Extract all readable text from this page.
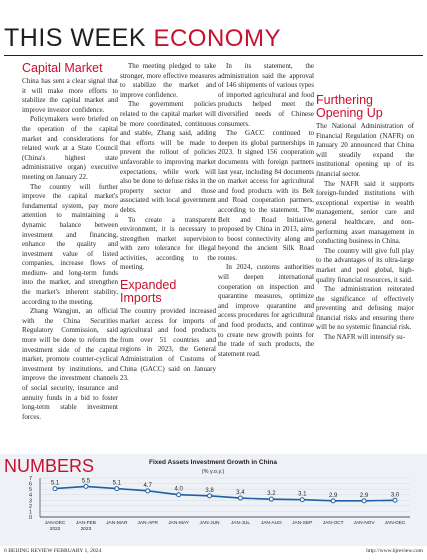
THIS WEEK ECONOMY
Capital Market

China has sent a clear signal that it will make more efforts to stabilize the capital market and improve investor confidence.

Policymakers were briefed on the operation of the capital market and considerations for related work at a State Council (China's highest state administrative organ) executive meeting on January 22.

The country will further improve the capital market's fundamental system, pay more attention to maintaining a dynamic balance between investment and financing, enhance the quality and investment value of listed companies, increase flows of medium- and long-term funds into the market, and strengthen the market's inherent stability, according to the meeting.

Zhang Wangjun, an official with the China Securities Regulatory Commission, said more will be done to reform the investment side of the capital market, promote counter-cyclical investment by institutions, and improve the investment channels of social security, insurance and annuity funds in a bid to foster long-term stable investment forces.

The meeting pledged to take stronger, more effective measures to stabilize the market and improve confidence.

The government policies related to the capital market will be more coordinated, continuous and stable, Zhang said, adding that efforts will be made to prevent the rollout of policies unfavorable to improving market expectations, while work will also be done to defuse risks in the property sector and those associated with local government debts.

To create a transparent environment, it is necessary to strengthen market supervision with zero tolerance for illegal activities, according to the meeting.

Expanded Imports

The country provided increased market access for imports of agricultural and food products from over 51 countries and regions in 2023, the General Administration of Customs of China (GACC) said on January 23.

In its statement, the administration said the approval of 146 shipments of various types of imported agricultural and food products helped meet the diversified needs of Chinese consumers.

The GACC continued to deepen its global partnerships in 2023. It signed 156 cooperation documents with foreign partners last year, including 84 documents on market access for agricultural and food products with its Belt and Road cooperation partners, according to the statement. The Belt and Road Initiative, proposed by China in 2013, aims to boost connectivity along and beyond the ancient Silk Road routes.

In 2024, customs authorities will deepen international cooperation on inspection and quarantine measures, optimize and improve quarantine and access procedures for agricultural and food products, and continue to create new growth points for the trade of such products, the statement read.

Furthering Opening Up

The National Administration of Financial Regulation (NAFR) on January 20 announced that China will steadily expand the institutional opening up of its financial sector.

The NAFR said it supports foreign-funded institutions with exceptional expertise in wealth management, senior care and general healthcare, and non-performing asset management in conducting business in China.

The country will give full play to the advantages of its ultra-large market and pool global, high-quality financial resources, it said.

The administration reiterated the significance of effectively preventing and defusing major financial risks and ensuring there will be no systemic financial risk.

The NAFR will intensify su-

NUMBERS	Fixed Assets Investment Growth in China
(% y.o.y.)
0
1
2
3
4
5
6
7
5.1
JAN-DEC
2022
5.5
JAN-FEB
2023
5.1
JAN-MAR
4.7
JAN-APR
4.0
JAN-MAY
3.8
JAN-JUN
3.4
JAN-JUL
3.2
JAN-AUG
3.1
JAN-SEP
2.9
JAN-OCT
2.9
JAN-NOV
3.0
JAN-DEC
6 BEIJING REVIEW FEBRUARY 1, 2024	http://www.bjreview.com
